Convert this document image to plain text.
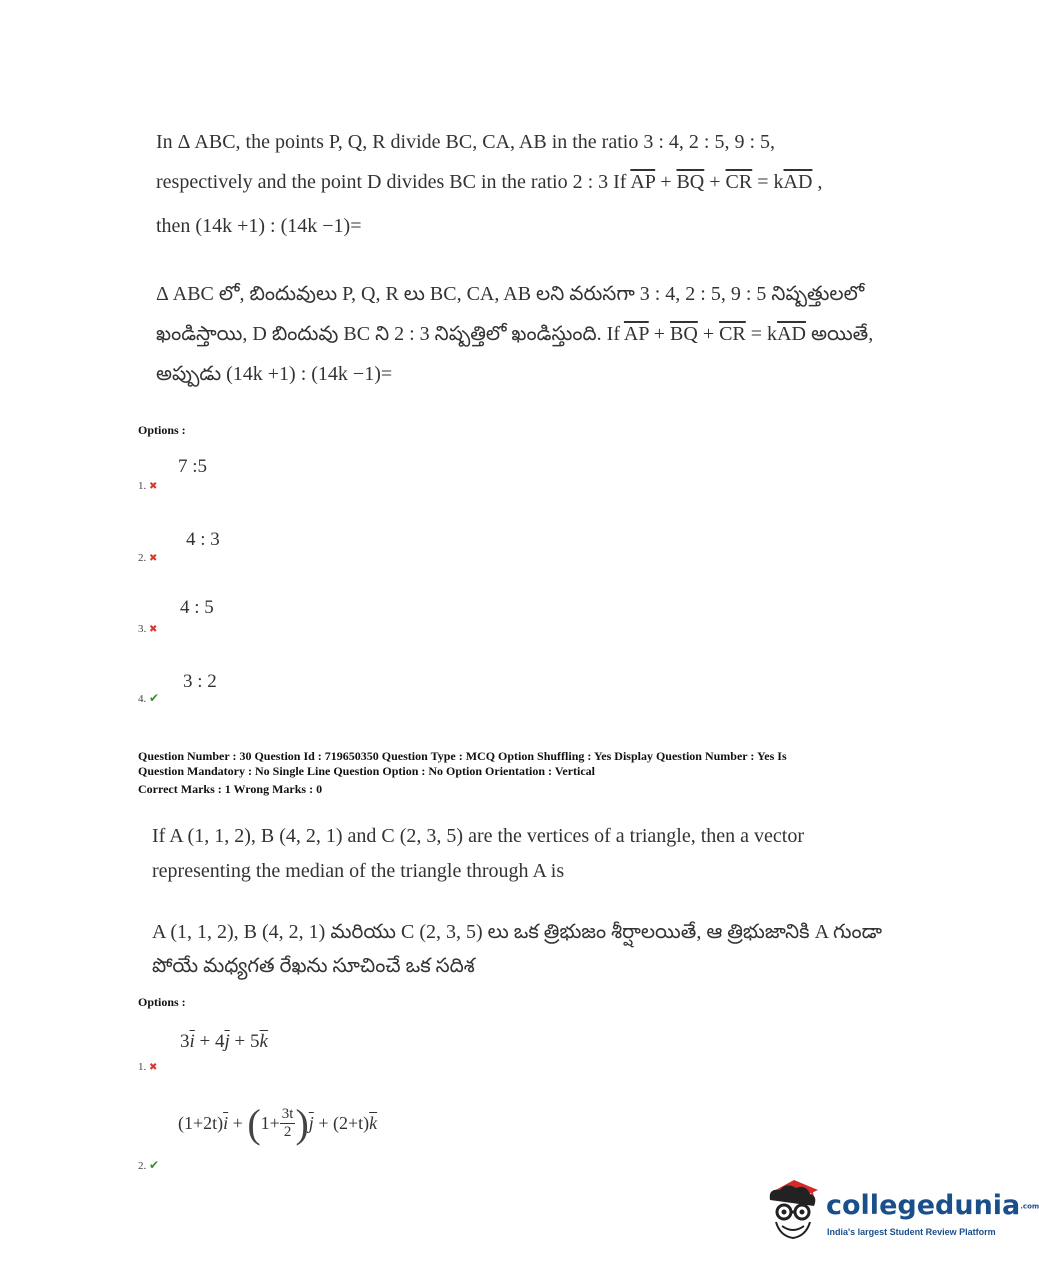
In Δ ABC, the points P, Q, R divide BC, CA, AB in the ratio 3 : 4, 2 : 5, 9 : 5,
respectively and the point D divides BC in the ratio 2 : 3 If $\overline{AP} + \overline{BQ} + \overline{CR} = k\overline{AD}$ ,
then (14k +1) : (14k −1)=
Δ ABC లో, బిందువులు P, Q, R లు BC, CA, AB లని వరుసగా 3 : 4, 2 : 5, 9 : 5 నిష్పత్తులలో
ఖండిస్తాయి, D బిందువు BC ని 2 : 3 నిష్పత్తిలో ఖండిస్తుంది. If $\overline{AP} + \overline{BQ} + \overline{CR} = k\overline{AD}$ అయితే,
అప్పుడు (14k +1) : (14k −1)=
Options :
7 :5
1. ✖
4 : 3
2. ✖
4 : 5
3. ✖
3 : 2
4. ✔
Question Number : 30 Question Id : 719650350 Question Type : MCQ Option Shuffling : Yes Display Question Number : Yes Is
Question Mandatory : No Single Line Question Option : No Option Orientation : Vertical
Correct Marks : 1 Wrong Marks : 0
If A (1, 1, 2), B (4, 2, 1) and C (2, 3, 5) are the vertices of a triangle, then a vector
representing the median of the triangle through A is
A (1, 1, 2), B (4, 2, 1) మరియు C (2, 3, 5) లు ఒక త్రిభుజం శీర్షాలయితే, ఆ త్రిభుజానికి A గుండా
పోయే మధ్యగత రేఖను సూచించే ఒక సదిశ
Options :
$3\overline{i} + 4\overline{j} + 5\overline{k}$
1. ✖
$(1+2t)\overline{i} + (1+ \frac{3t}{2} )\overline{j} + (2+t)\overline{k}$
2. ✔
collegedunia.com
India's largest Student Review Platform
